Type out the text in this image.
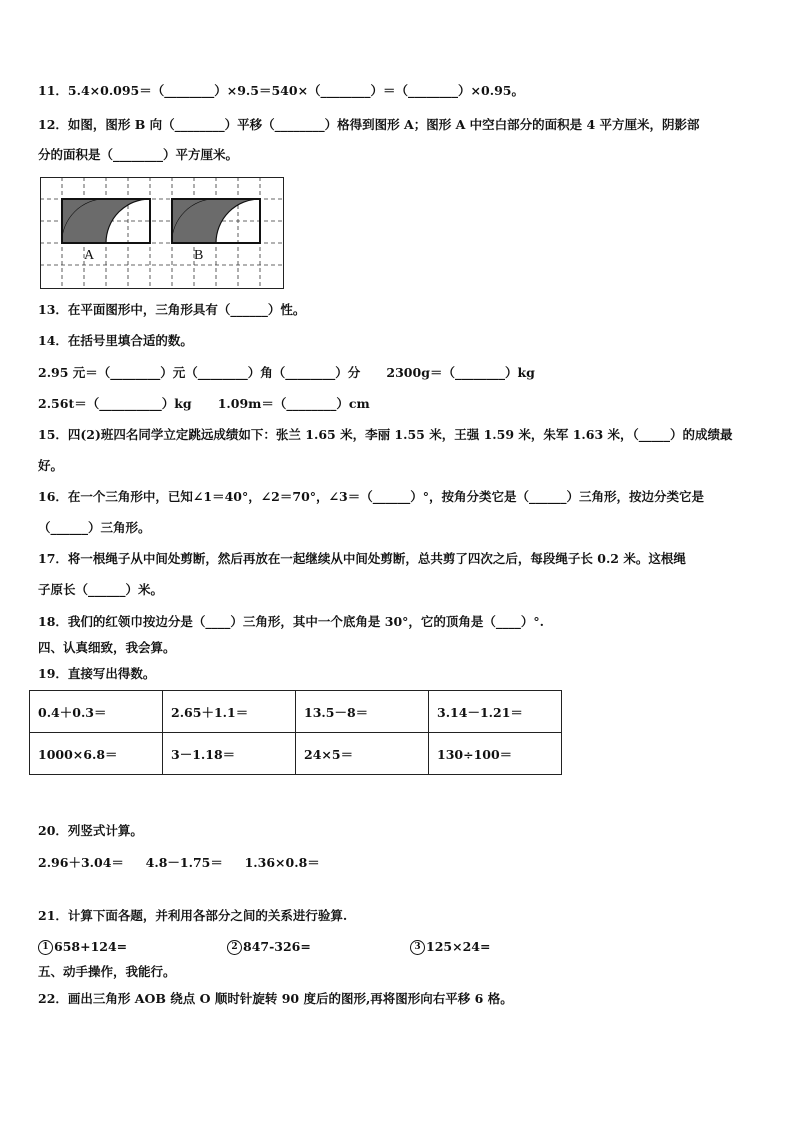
11．5.4×0.095＝（________）×9.5＝540×（________）＝（________）×0.95。

12．如图，图形 B 向（________）平移（________）格得到图形 A；图形 A 中空白部分的面积是 4 平方厘米，阴影部

分的面积是（________）平方厘米。

A	B

13．在平面图形中，三角形具有（______）性。

14．在括号里填合适的数。

2.95 元＝（________）元（________）角（________）分      2300g＝（________）kg

2.56t＝（__________）kg      1.09m＝（________）cm

15．四(2)班四名同学立定跳远成绩如下：张兰 1.65 米，李丽 1.55 米，王强 1.59 米，朱军 1.63 米，（_____）的成绩最

好。

16．在一个三角形中，已知∠1＝40°，∠2＝70°，∠3＝（______）°，按角分类它是（______）三角形，按边分类它是

（______）三角形。

17．将一根绳子从中间处剪断，然后再放在一起继续从中间处剪断，总共剪了四次之后，每段绳子长 0.2 米。这根绳

子原长（______）米。

18．我们的红领巾按边分是（____）三角形，其中一个底角是 30°，它的顶角是（____）°.

四、认真细致，我会算。

19．直接写出得数。

0.4＋0.3＝	2.65＋1.1＝	13.5－8＝	3.14－1.21＝
1000×6.8＝	3－1.18＝	24×5＝	130÷100＝

20．列竖式计算。

2.96＋3.04＝     4.8－1.75＝     1.36×0.8＝

21．计算下面各题，并利用各部分之间的关系进行验算.

1 658+124=	2 847-326=	3 125×24=

五、动手操作，我能行。

22．画出三角形 AOB 绕点 O 顺时针旋转 90 度后的图形,再将图形向右平移 6 格。
